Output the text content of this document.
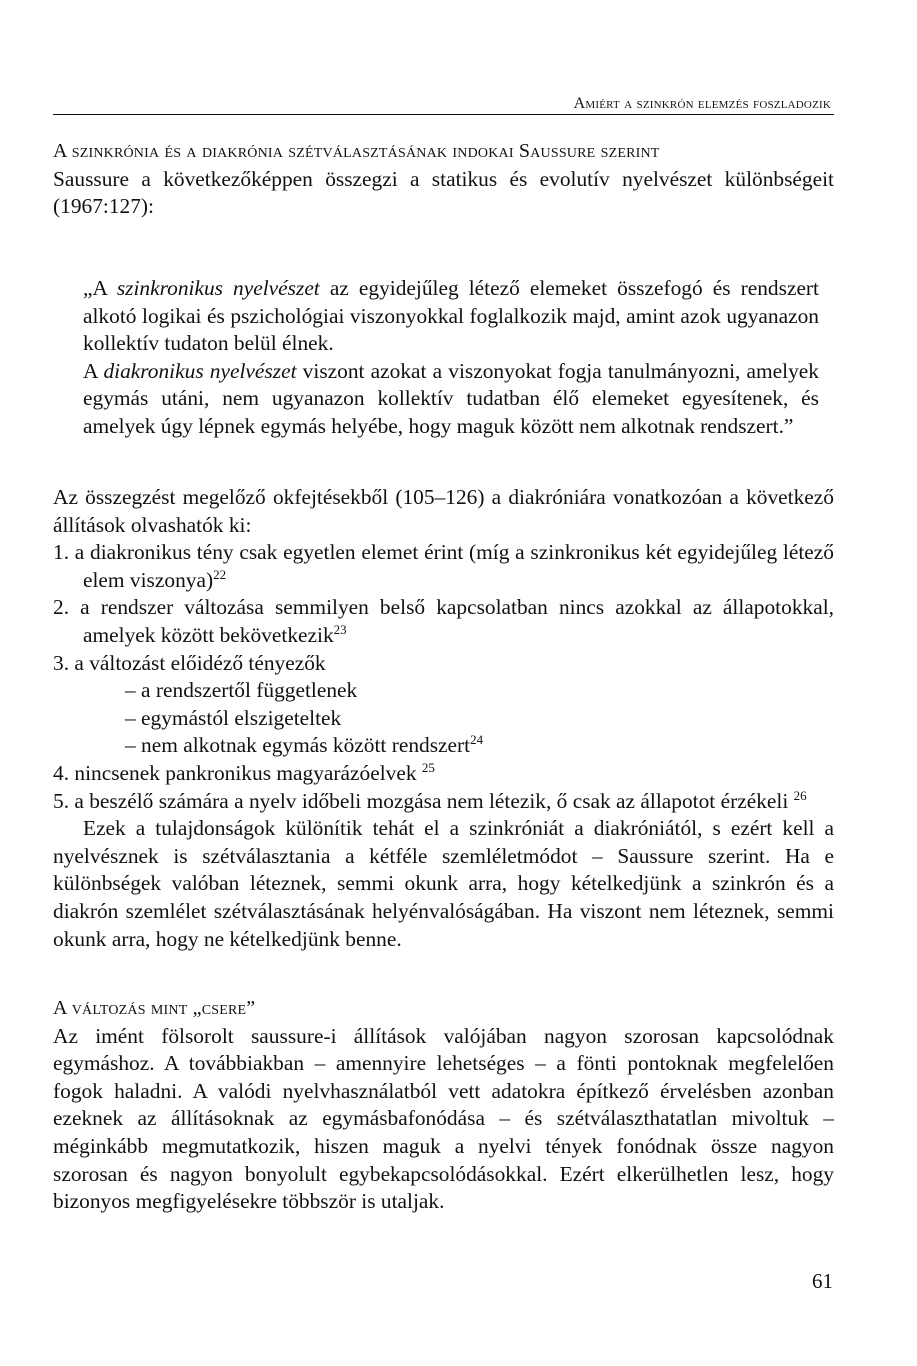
Amiért a szinkrón elemzés foszladozik

A szinkrónia és a diakrónia szétválasztásának indokai Saussure szerint

Saussure a következőképpen összegzi a statikus és evolutív nyelvészet különbségeit (1967:127):

„A szinkronikus nyelvészet az egyidejűleg létező elemeket összefogó és rendszert alkotó logikai és pszichológiai viszonyokkal foglalkozik majd, amint azok ugyanazon kollektív tudaton belül élnek.

A diakronikus nyelvészet viszont azokat a viszonyokat fogja tanulmányozni, amelyek egymás utáni, nem ugyanazon kollektív tudatban élő elemeket egyesítenek, és amelyek úgy lépnek egymás helyébe, hogy maguk között nem alkotnak rendszert.”

Az összegzést megelőző okfejtésekből (105–126) a diakróniára vonatkozóan a következő állítások olvashatók ki:

1. a diakronikus tény csak egyetlen elemet érint (míg a szinkronikus két egyidejűleg létező elem viszonya)$^{22}$

2. a rendszer változása semmilyen belső kapcsolatban nincs azokkal az állapotokkal, amelyek között bekövetkezik$^{23}$

3. a változást előidéző tényezők

– a rendszertől függetlenek

– egymástól elszigeteltek

– nem alkotnak egymás között rendszert$^{24}$

4. nincsenek pankronikus magyarázóelvek $^{25}$

5. a beszélő számára a nyelv időbeli mozgása nem létezik, ő csak az állapotot érzékeli $^{26}$

Ezek a tulajdonságok különítik tehát el a szinkróniát a diakróniától, s ezért kell a nyelvésznek is szétválasztania a kétféle szemléletmódot – Saussure szerint. Ha e különbségek valóban léteznek, semmi okunk arra, hogy kételkedjünk a szinkrón és a diakrón szemlélet szétválasztásának helyénvalóságában. Ha viszont nem léteznek, semmi okunk arra, hogy ne kételkedjünk benne.

A változás mint „csere”

Az imént fölsorolt saussure-i állítások valójában nagyon szorosan kapcsolódnak egymáshoz. A továbbiakban – amennyire lehetséges – a fönti pontoknak megfelelően fogok haladni. A valódi nyelvhasználatból vett adatokra építkező érvelésben azonban ezeknek az állításoknak az egymásbafonódása – és szétválaszthatatlan mivoltuk – méginkább megmutatkozik, hiszen maguk a nyelvi tények fonódnak össze nagyon szorosan és nagyon bonyolult egybekapcsolódásokkal. Ezért elkerülhetlen lesz, hogy bizonyos megfigyelésekre többször is utaljak.

61
